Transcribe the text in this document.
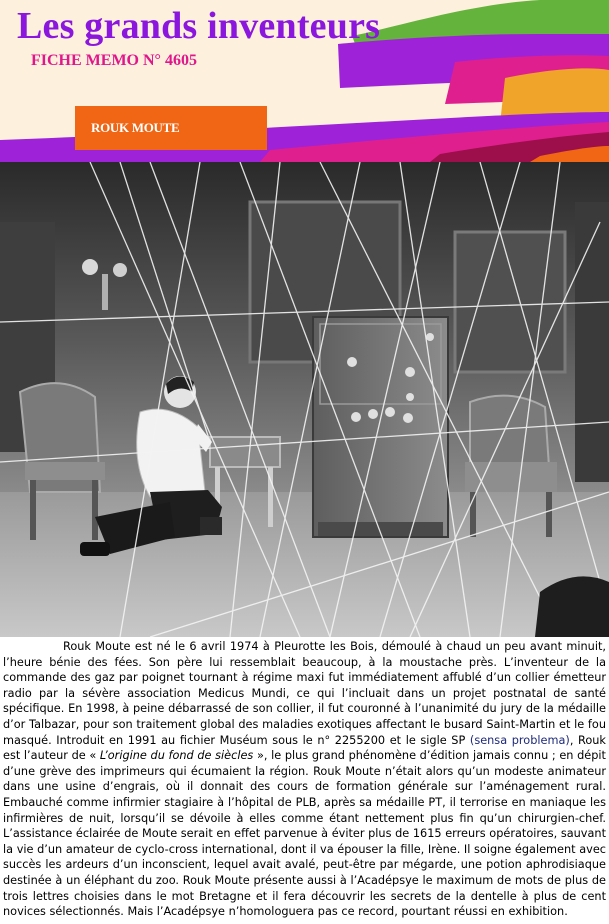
Les grands inventeurs
FICHE MEMO N° 4605
ROUK MOUTE

Rouk Moute est né le 6 avril 1974 à Pleurotte les Bois, démoulé à chaud un peu avant minuit, l’heure bénie des fées. Son père lui ressemblait beaucoup, à la moustache près. L’inventeur de la commande des gaz par poignet tournant à régime maxi fut immédiatement affublé d’un collier émetteur radio par la sévère association Medicus Mundi, ce qui l’incluait dans un projet postnatal de santé spécifique. En 1998, à peine débarrassé de son collier, il fut couronné à l’unanimité du jury de la médaille d’or Talbazar, pour son traitement global des maladies exotiques affectant le busard Saint-Martin et le fou masqué. Introduit en 1991 au fichier Muséum sous le n° 2255200 et le sigle SP (sensa problema), Rouk est l’auteur de « L’origine du fond de siècles », le plus grand phénomène d’édition jamais connu ; en dépit d’une grève des imprimeurs qui écumaient la région. Rouk Moute n’était alors qu’un modeste animateur dans une usine d’engrais, où il donnait des cours de formation générale sur l’aménagement rural. Embauché comme infirmier stagiaire à l’hôpital de PLB, après sa médaille PT, il terrorise en maniaque les infirmières de nuit, lorsqu’il se dévoile à elles comme étant nettement plus fin qu’un chirurgien-chef. L’assistance éclairée de Moute serait en effet parvenue à éviter plus de 1615 erreurs opératoires, sauvant la vie d’un amateur de cyclo-cross international, dont il va épouser la fille, Irène. Il soigne également avec succès les ardeurs d’un inconscient, lequel avait avalé, peut-être par mégarde, une potion aphrodisiaque destinée à un éléphant du zoo. Rouk Moute présente aussi à l’Acadépsye le maximum de mots de plus de trois lettres choisies dans le mot Bretagne et il fera découvrir les secrets de la dentelle à plus de cent novices sélectionnés. Mais l’Acadépsye n’homologuera pas ce record, pourtant réussi en exhibition.
